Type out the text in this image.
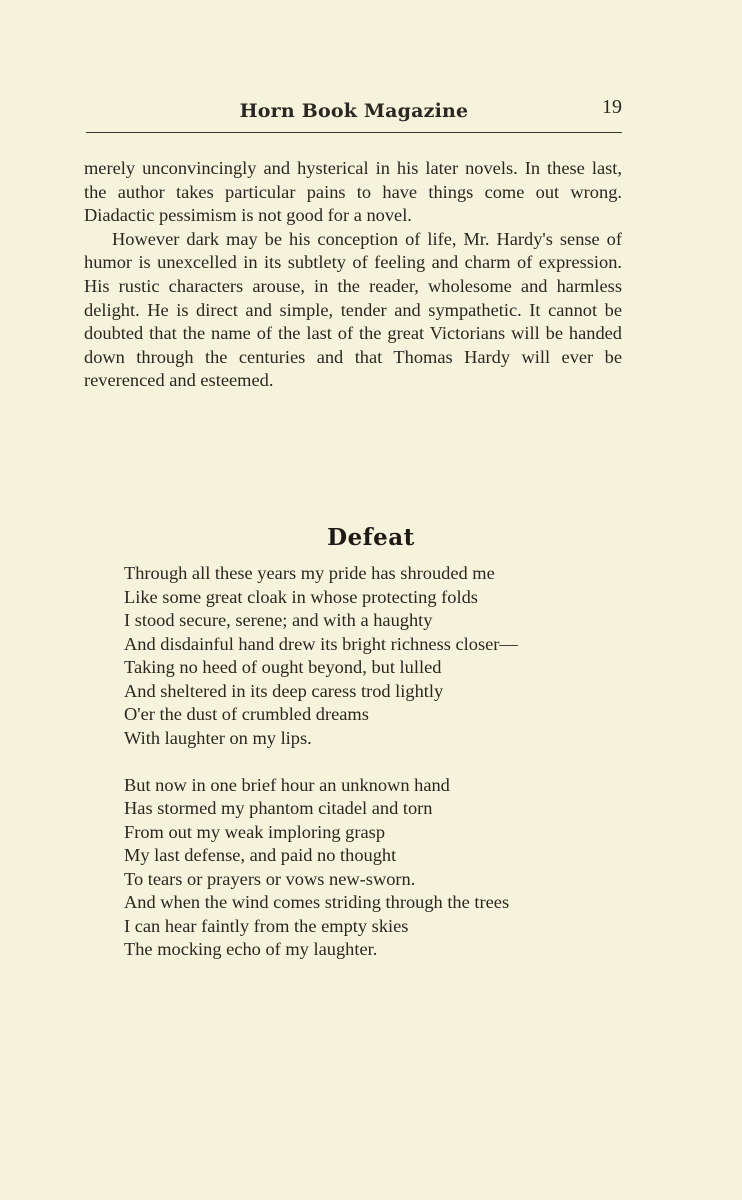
Horn Book Magazine	19

merely unconvincingly and hysterical in his later novels. In these last, the author takes particular pains to have things come out wrong. Diadactic pessimism is not good for a novel.

However dark may be his conception of life, Mr. Hardy's sense of humor is unexcelled in its subtlety of feeling and charm of expression. His rustic characters arouse, in the reader, wholesome and harmless delight. He is direct and simple, tender and sympathetic. It cannot be doubted that the name of the last of the great Victorians will be handed down through the centuries and that Thomas Hardy will ever be reverenced and esteemed.

Defeat
Through all these years my pride has shrouded me
Like some great cloak in whose protecting folds
I stood secure, serene; and with a haughty
And disdainful hand drew its bright richness closer—
Taking no heed of ought beyond, but lulled
And sheltered in its deep caress trod lightly
O'er the dust of crumbled dreams
With laughter on my lips.
But now in one brief hour an unknown hand
Has stormed my phantom citadel and torn
From out my weak imploring grasp
My last defense, and paid no thought
To tears or prayers or vows new-sworn.
And when the wind comes striding through the trees
I can hear faintly from the empty skies
The mocking echo of my laughter.
